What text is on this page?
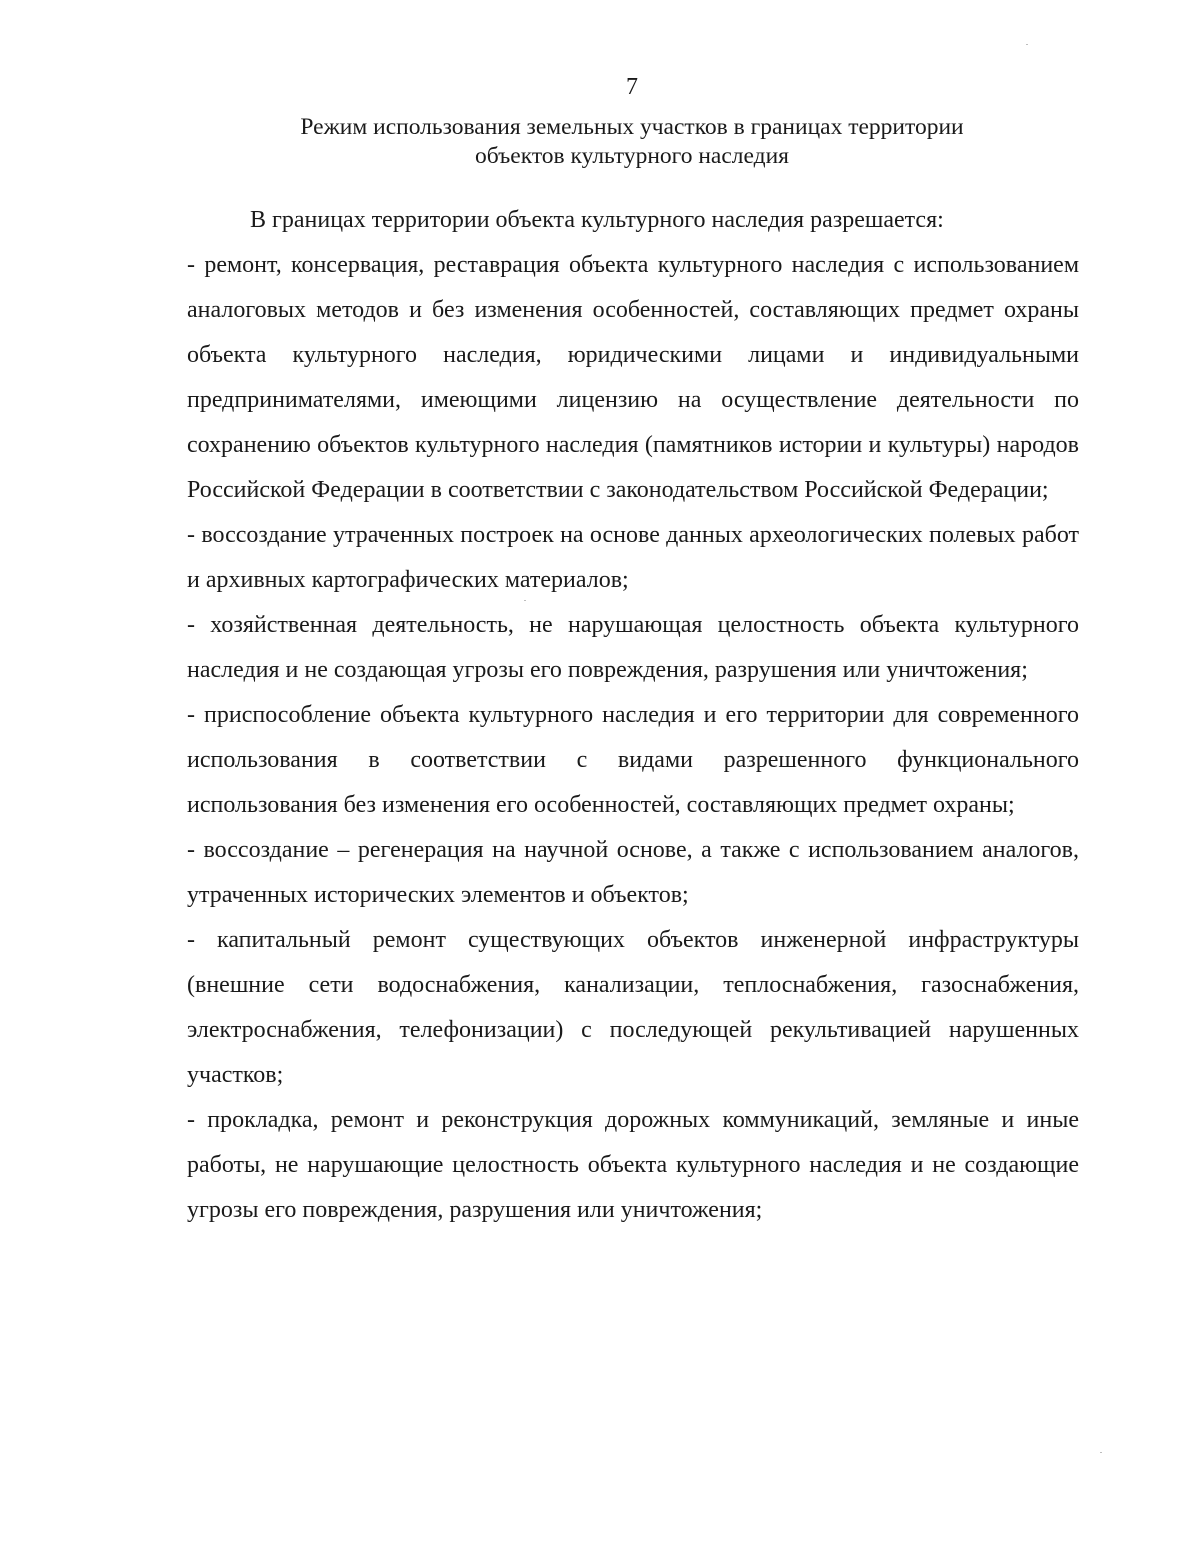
7
Режим использования земельных участков в границах территории
объектов культурного наследия

В границах территории объекта культурного наследия разрешается:

- ремонт, консервация, реставрация объекта культурного наследия с использованием аналоговых методов и без изменения особенностей, составляющих предмет охраны объекта культурного наследия, юридическими лицами и индивидуальными предпринимателями, имеющими лицензию на осуществление деятельности по сохранению объектов культурного наследия (памятников истории и культуры) народов Российской Федерации в соответствии с законодательством Российской Федерации;

- воссоздание утраченных построек на основе данных археологических полевых работ и архивных картографических материалов;

- хозяйственная деятельность, не нарушающая целостность объекта культурного наследия и не создающая угрозы его повреждения, разрушения или уничтожения;

- приспособление объекта культурного наследия и его территории для современного использования в соответствии с видами разрешенного функционального использования без изменения его особенностей, составляющих предмет охраны;

- воссоздание – регенерация на научной основе, а также с использованием аналогов, утраченных исторических элементов и объектов;

- капитальный ремонт существующих объектов инженерной инфраструктуры (внешние сети водоснабжения, канализации, теплоснабжения, газоснабжения, электроснабжения, телефонизации) с последующей рекультивацией нарушенных участков;

- прокладка, ремонт и реконструкция дорожных коммуникаций, земляные и иные работы, не нарушающие целостность объекта культурного наследия и не создающие угрозы его повреждения, разрушения или уничтожения;
